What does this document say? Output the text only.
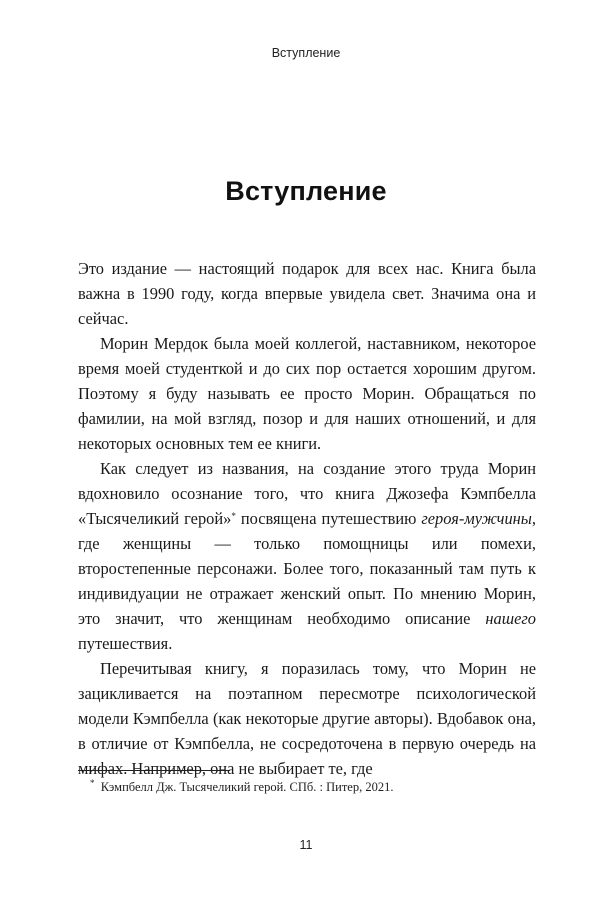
Вступление
Вступление

Это издание — настоящий подарок для всех нас. Книга была важна в 1990 году, когда впервые увидела свет. Значима она и сейчас.

Морин Мердок была моей коллегой, наставником, некоторое время моей студенткой и до сих пор остается хорошим другом. Поэтому я буду называть ее просто Морин. Обращаться по фамилии, на мой взгляд, позор и для наших отношений, и для некоторых основных тем ее книги.

Как следует из названия, на создание этого труда Морин вдохновило осознание того, что книга Джозефа Кэмпбелла «Тысячеликий герой»* посвящена путешествию героя-мужчины, где женщины — только помощницы или помехи, второстепенные персонажи. Более того, показанный там путь к индивидуации не отражает женский опыт. По мнению Морин, это значит, что женщинам необходимо описание нашего путешествия.

Перечитывая книгу, я поразилась тому, что Морин не зацикливается на поэтапном пересмотре психологической модели Кэмпбелла (как некоторые другие авторы). Вдобавок она, в отличие от Кэмпбелла, не сосредоточена в первую очередь на мифах. Например, она не выбирает те, где

* Кэмпбелл Дж. Тысячеликий герой. СПб. : Питер, 2021.
11
